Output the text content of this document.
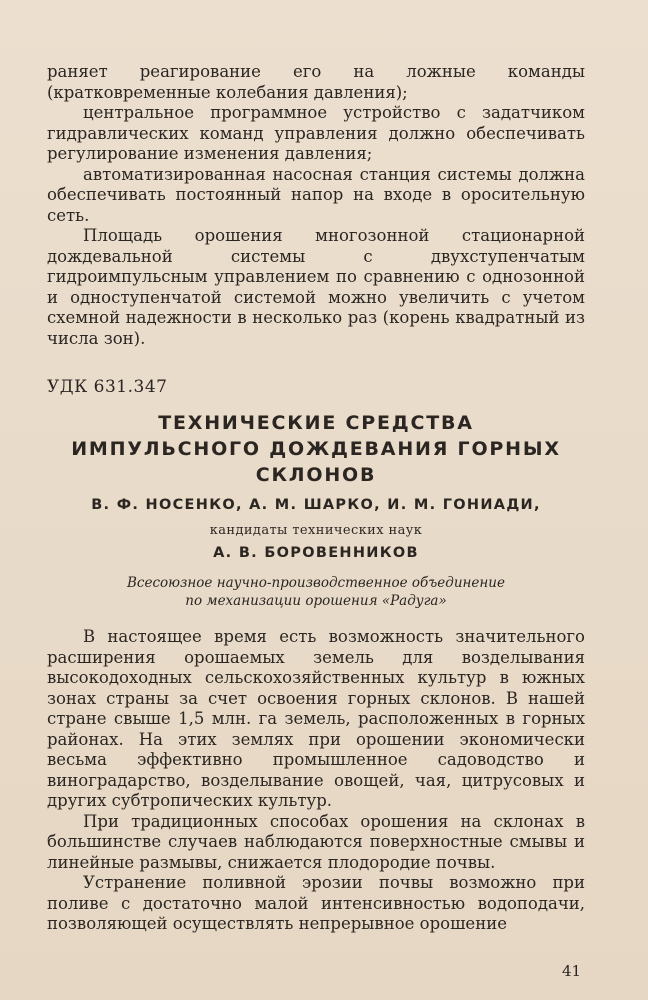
раняет реагирование его на ложные команды (кратковременные колебания давления);

центральное программное устройство с задатчиком гидравлических команд управления должно обеспечивать регулирование изменения давления;

автоматизированная насосная станция системы должна обеспечивать постоянный напор на входе в оросительную сеть.

Площадь орошения многозонной стационарной дождевальной системы с двухступенчатым гидроимпульсным управлением по сравнению с однозонной и одноступенчатой системой можно увеличить с учетом схемной надежности в несколько раз (корень квадратный из числа зон).

УДК 631.347
ТЕХНИЧЕСКИЕ СРЕДСТВА
ИМПУЛЬСНОГО ДОЖДЕВАНИЯ ГОРНЫХ
СКЛОНОВ
В. Ф. НОСЕНКО, А. М. ШАРКО, И. М. ГОНИАДИ,
кандидаты технических наук
А. В. БОРОВЕННИКОВ
Всесоюзное научно-производственное объединение
по механизации орошения «Радуга»

В настоящее время есть возможность значительного расширения орошаемых земель для возделывания высокодоходных сельскохозяйственных культур в южных зонах страны за счет освоения горных склонов. В нашей стране свыше 1,5 млн. га земель, расположенных в горных районах. На этих землях при орошении экономически весьма эффективно промышленное садоводство и виноградарство, возделывание овощей, чая, цитрусовых и других субтропических культур.

При традиционных способах орошения на склонах в большинстве случаев наблюдаются поверхностные смывы и линейные размывы, снижается плодородие почвы.

Устранение поливной эрозии почвы возможно при поливе с достаточно малой интенсивностью водоподачи, позволяющей осуществлять непрерывное орошение

41
